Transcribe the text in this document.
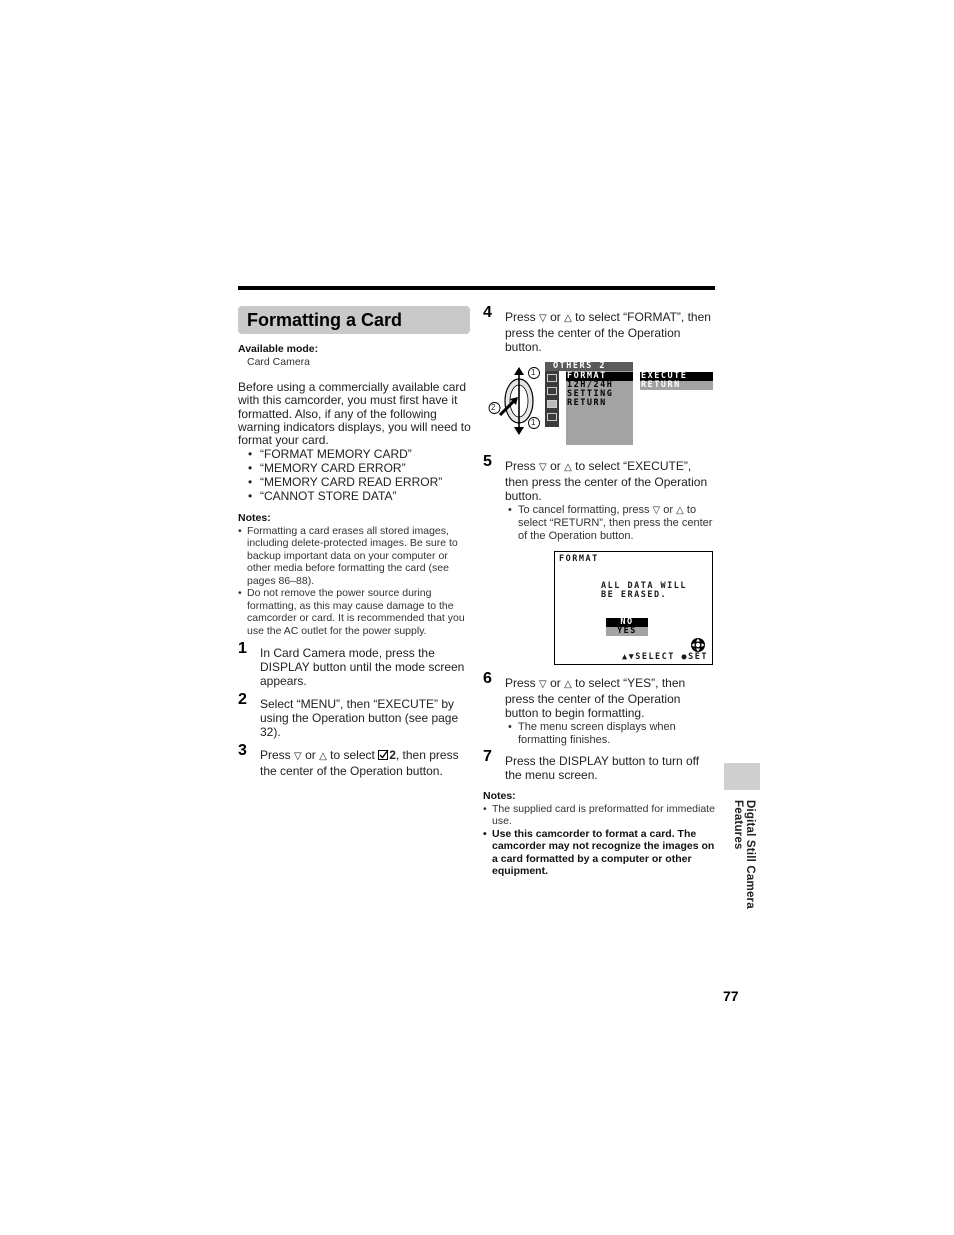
Formatting a Card
Available mode:
Card Camera
Before using a commercially available card with this camcorder, you must first have it formatted. Also, if any of the following warning indicators displays, you will need to format your card.
• “FORMAT MEMORY CARD”
• “MEMORY CARD ERROR”
• “MEMORY CARD READ ERROR”
• “CANNOT STORE DATA”
Notes:
• Formatting a card erases all stored images, including delete-protected images. Be sure to backup important data on your computer or other media before formatting the card (see pages 86–88).
• Do not remove the power source during formatting, as this may cause damage to the camcorder or card. It is recommended that you use the AC outlet for the power supply.
1 In Card Camera mode, press the DISPLAY button until the mode screen appears.
2 Select “MENU”, then “EXECUTE” by using the Operation button (see page 32).
3 Press ▽ or △ to select 2, then press the center of the Operation button.
4 Press ▽ or △ to select “FORMAT”, then press the center of the Operation button.
1
2
1
OTHERS 2
FORMAT
12H/24H
SETTING
RETURN
EXECUTE
RETURN
5 Press ▽ or △ to select “EXECUTE”, then press the center of the Operation button.
• To cancel formatting, press ▽ or △ to select “RETURN”, then press the center of the Operation button.
FORMAT
ALL DATA WILL
BE ERASED.
NO
YES
▲▼SELECT ●SET
6 Press ▽ or △ to select “YES”, then press the center of the Operation button to begin formatting.
• The menu screen displays when formatting finishes.
7 Press the DISPLAY button to turn off the menu screen.
Notes:
• The supplied card is preformatted for immediate use.
• Use this camcorder to format a card. The camcorder may not recognize the images on a card formatted by a computer or other equipment.	Digital Still Camera Features
77
